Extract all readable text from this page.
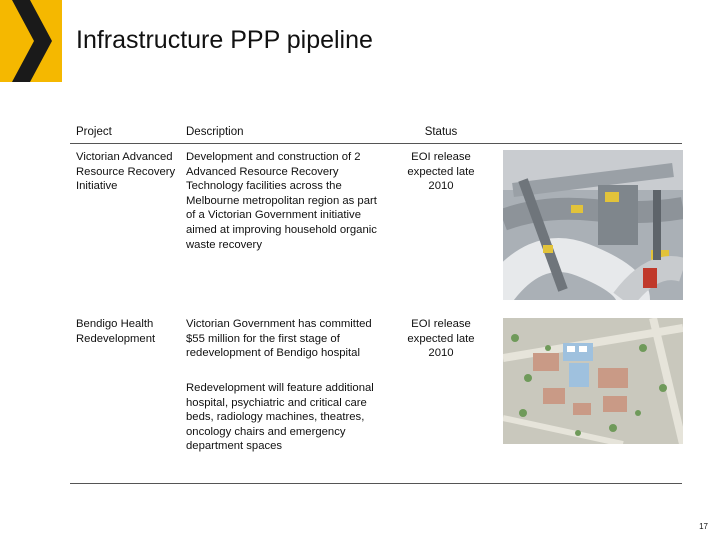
Infrastructure PPP pipeline
Project	Description	Status
Victorian Advanced Resource Recovery Initiative
Development and construction of 2 Advanced Resource Recovery Technology facilities across the Melbourne metropolitan region as part of a Victorian Government initiative aimed at improving household organic waste recovery
EOI release expected late 2010
Bendigo Health Redevelopment
Victorian Government has committed $55 million for the first stage of redevelopment of Bendigo hospital
Redevelopment will feature additional hospital, psychiatric and critical care beds, radiology machines, theatres, oncology chairs and emergency department spaces
EOI release expected late 2010
17
